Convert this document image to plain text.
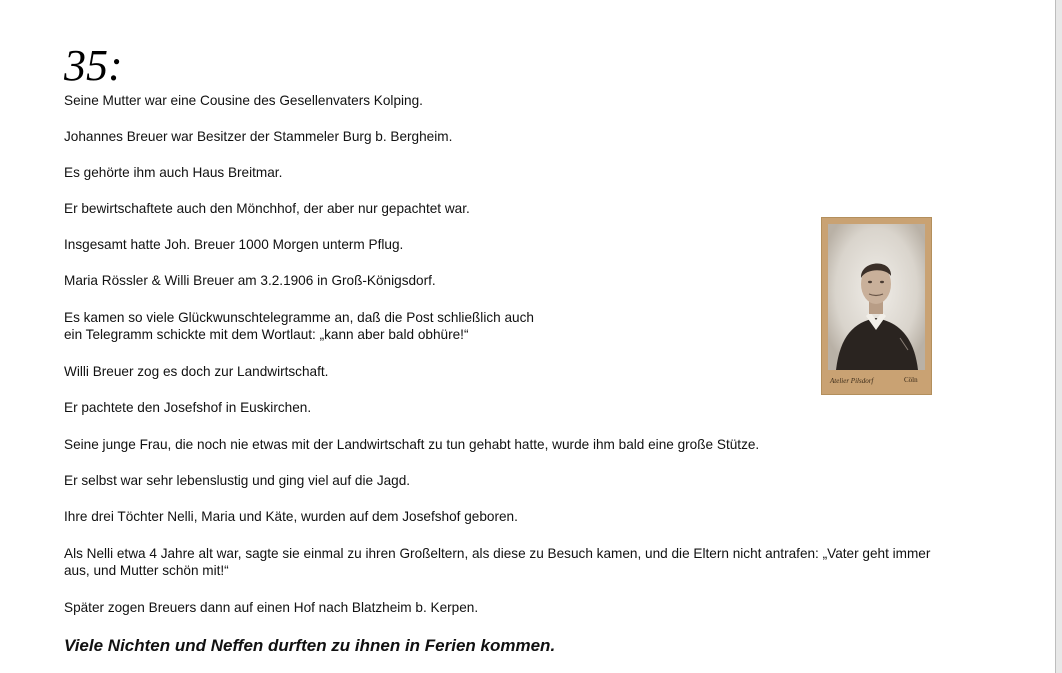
35:

Seine Mutter war eine Cousine des Gesellenvaters Kolping.

Johannes Breuer war Besitzer der Stammeler Burg b. Bergheim.

Es gehörte ihm auch Haus Breitmar.

Er bewirtschaftete auch den Mönchhof, der aber nur gepachtet war.

Insgesamt hatte Joh. Breuer 1000 Morgen unterm Pflug.

Maria Rössler & Willi Breuer am 3.2.1906 in Groß-Königsdorf.

Es kamen so viele Glückwunschtelegramme an, daß die Post schließlich auch
ein Telegramm schickte mit dem Wortlaut: „kann aber bald obhüre!“

Willi Breuer zog es doch zur Landwirtschaft.

Er pachtete den Josefshof in Euskirchen.

Seine junge Frau, die noch nie etwas mit der Landwirtschaft zu tun gehabt hatte, wurde ihm bald eine große Stütze.

Er selbst war sehr lebenslustig und ging viel auf die Jagd.

Ihre drei Töchter Nelli, Maria und Käte, wurden auf dem Josefshof geboren.

Als Nelli etwa 4 Jahre alt war, sagte sie einmal zu ihren Großeltern, als diese zu Besuch kamen, und die Eltern nicht antrafen: „Vater geht immer
aus, und Mutter schön mit!“

Später zogen Breuers dann auf einen Hof nach Blatzheim b. Kerpen.

Viele Nichten und Neffen durften zu ihnen in Ferien kommen.

Atelier Pilsdorf	Cöln
